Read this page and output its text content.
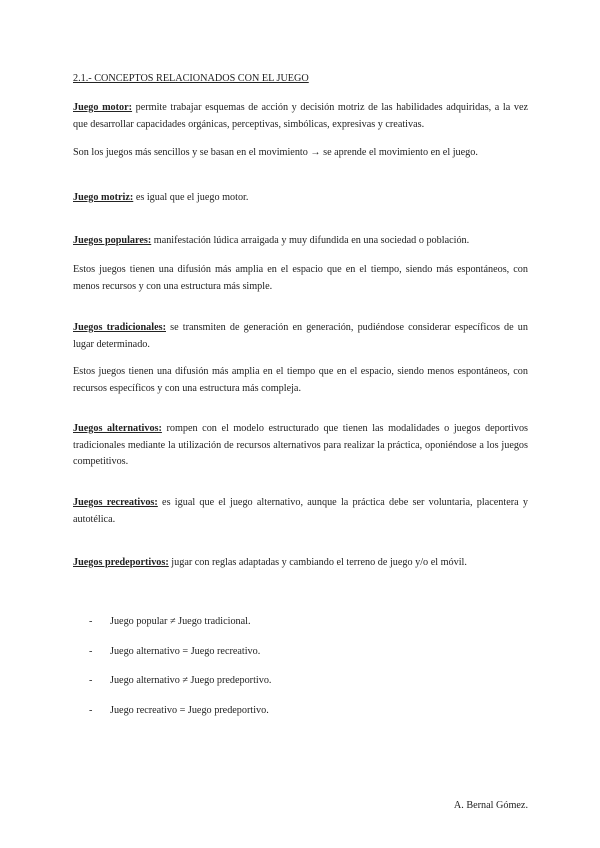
2.1.- CONCEPTOS RELACIONADOS CON EL JUEGO
Juego motor: permite trabajar esquemas de acción y decisión motriz de las habilidades adquiridas, a la vez que desarrollar capacidades orgánicas, perceptivas, simbólicas, expresivas y creativas.
Son los juegos más sencillos y se basan en el movimiento → se aprende el movimiento en el juego.
Juego motriz: es igual que el juego motor.
Juegos populares: manifestación lúdica arraigada y muy difundida en una sociedad o población.
Estos juegos tienen una difusión más amplia en el espacio que en el tiempo, siendo más espontáneos, con menos recursos y con una estructura más simple.
Juegos tradicionales: se transmiten de generación en generación, pudiéndose considerar específicos de un lugar determinado.
Estos juegos tienen una difusión más amplia en el tiempo que en el espacio, siendo menos espontáneos, con recursos específicos y con una estructura más compleja.
Juegos alternativos: rompen con el modelo estructurado que tienen las modalidades o juegos deportivos tradicionales mediante la utilización de recursos alternativos para realizar la práctica, oponiéndose a los juegos competitivos.
Juegos recreativos: es igual que el juego alternativo, aunque la práctica debe ser voluntaria, placentera y autotélica.
Juegos predeportivos: jugar con reglas adaptadas y cambiando el terreno de juego y/o el móvil.
- Juego popular ≠ Juego tradicional.
- Juego alternativo = Juego recreativo.
- Juego alternativo ≠ Juego predeportivo.
- Juego recreativo = Juego predeportivo.
A. Bernal Gómez.
